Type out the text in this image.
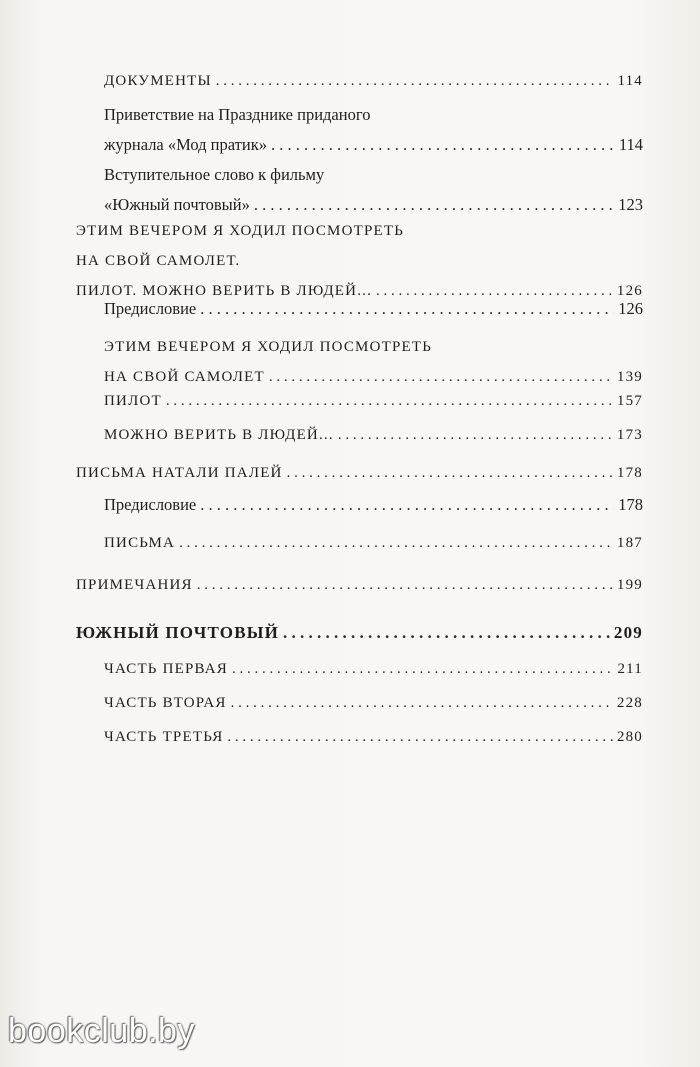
ДОКУМЕНТЫ . . .	114
Приветствие на Празднике приданого
журнала «Мод пратик» . . .	114
Вступительное слово к фильму
«Южный почтовый» . . .	123
ЭТИМ ВЕЧЕРОМ Я ХОДИЛ ПОСМОТРЕТЬ
НА СВОЙ САМОЛЕТ.
ПИЛОТ. МОЖНО ВЕРИТЬ В ЛЮДЕЙ... . . .	126
Предисловие . . .	126
ЭТИМ ВЕЧЕРОМ Я ХОДИЛ ПОСМОТРЕТЬ
НА СВОЙ САМОЛЕТ . . .	139
ПИЛОТ . . .	157
МОЖНО ВЕРИТЬ В ЛЮДЕЙ... . . .	173
ПИСЬМА НАТАЛИ ПАЛЕЙ . . .	178
Предисловие . . .	178
ПИСЬМА . . .	187
ПРИМЕЧАНИЯ . . .	199
ЮЖНЫЙ ПОЧТОВЫЙ . . .	209
ЧАСТЬ ПЕРВАЯ . . .	211
ЧАСТЬ ВТОРАЯ . . .	228
ЧАСТЬ ТРЕТЬЯ . . .	280
bookclub.by
